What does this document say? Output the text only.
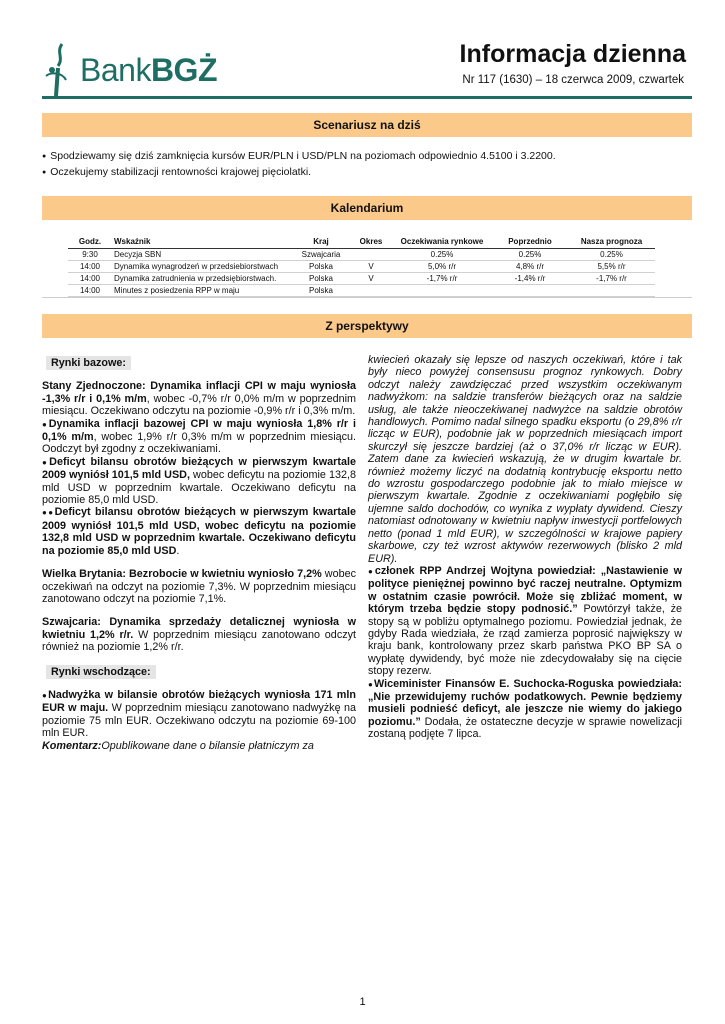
BankBGŻ	Informacja dzienna
Nr 117 (1630) – 18 czerwca 2009, czwartek
Scenariusz na dziś
● Spodziewamy się dziś zamknięcia kursów EUR/PLN i USD/PLN na poziomach odpowiednio 4.5100 i 3.2200.
● Oczekujemy stabilizacji rentowności krajowej pięciolatki.
Kalendarium
Godz.	Wskaźnik	Kraj	Okres	Oczekiwania rynkowe	Poprzednio	Nasza prognoza
9:30	Decyzja SBN	Szwajcaria		0.25%	0.25%	0.25%
14:00	Dynamika wynagrodzeń w przedsiebiorstwach	Polska	V	5,0% r/r	4,8% r/r	5,5% r/r
14:00	Dynamika zatrudnienia w przedsiębiorstwach.	Polska	V	-1,7% r/r	-1,4% r/r	-1,7% r/r
14:00	Minutes z posiedzenia RPP w maju	Polska				
Z perspektywy
Rynki bazowe:

Stany Zjednoczone: Dynamika inflacji CPI w maju wyniosła -1,3% r/r i 0,1% m/m, wobec -0,7% r/r 0,0% m/m w poprzednim miesiącu. Oczekiwano odczytu na poziomie -0,9% r/r i 0,3% m/m.
● Dynamika inflacji bazowej CPI w maju wyniosła 1,8% r/r i 0,1% m/m, wobec 1,9% r/r 0,3% m/m w poprzednim miesiącu. Oodczyt był zgodny z oczekiwaniami.
● Deficyt bilansu obrotów bieżących w pierwszym kwartale 2009 wyniósł 101,5 mld USD, wobec deficytu na poziomie 132,8 mld USD w poprzednim kwartale. Oczekiwano deficytu na poziomie 85,0 mld USD.
● ● Deficyt bilansu obrotów bieżących w pierwszym kwartale 2009 wyniósł 101,5 mld USD, wobec deficytu na poziomie 132,8 mld USD w poprzednim kwartale. Oczekiwano deficytu na poziomie 85,0 mld USD.

Wielka Brytania: Bezrobocie w kwietniu wyniosło 7,2% wobec oczekiwań na odczyt na poziomie 7,3%. W poprzednim miesiącu zanotowano odczyt na poziomie 7,1%.

Szwajcaria: Dynamika sprzedaży detalicznej wyniosła w kwietniu 1,2% r/r. W poprzednim miesiącu zanotowano odczyt również na poziomie 1,2% r/r.

Rynki wschodzące:

● Nadwyżka w bilansie obrotów bieżących wyniosła 171 mln EUR w maju. W poprzednim miesiącu zanotowano nadwyżkę na poziomie 75 mln EUR. Oczekiwano odczytu na poziomie 69-100 mln EUR.
Komentarz:Opublikowane dane o bilansie płatniczym za

kwiecień okazały się lepsze od naszych oczekiwań, które i tak były nieco powyżej consensusu prognoz rynkowych. Dobry odczyt należy zawdzięczać przed wszystkim oczekiwanym nadwyżkom: na saldzie transferów bieżących oraz na saldzie usług, ale także nieoczekiwanej nadwyżce na saldzie obrotów handlowych. Pomimo nadal silnego spadku eksportu (o 29,8% r/r licząc w EUR), podobnie jak w poprzednich miesiącach import skurczył się jeszcze bardziej (aż o 37,0% r/r licząc w EUR). Zatem dane za kwiecień wskazują, że w drugim kwartale br. również możemy liczyć na dodatnią kontrybucję eksportu netto do wzrostu gospodarczego podobnie jak to miało miejsce w pierwszym kwartale. Zgodnie z oczekiwaniami pogłębiło się ujemne saldo dochodów, co wynika z wypłaty dywidend. Cieszy natomiast odnotowany w kwietniu napływ inwestycji portfelowych netto (ponad 1 mld EUR), w szczególności w krajowe papiery skarbowe, czy też wzrost aktywów rezerwowych (blisko 2 mld EUR).
● członek RPP Andrzej Wojtyna powiedział: „Nastawienie w polityce pieniężnej powinno być raczej neutralne. Optymizm w ostatnim czasie powrócił. Może się zbliżać moment, w którym trzeba będzie stopy podnosić.” Powtórzył także, że stopy są w pobliżu optymalnego poziomu. Powiedział jednak, że gdyby Rada wiedziała, że rząd zamierza poprosić największy w kraju bank, kontrolowany przez skarb państwa PKO BP SA o wypłatę dywidendy, być może nie zdecydowałaby się na cięcie stopy rezerw.
● Wiceminister Finansów E. Suchocka-Roguska powiedziała: „Nie przewidujemy ruchów podatkowych. Pewnie będziemy musieli podnieść deficyt, ale jeszcze nie wiemy do jakiego poziomu.” Dodała, że ostateczne decyzje w sprawie nowelizacji zostaną podjęte 7 lipca.

1
